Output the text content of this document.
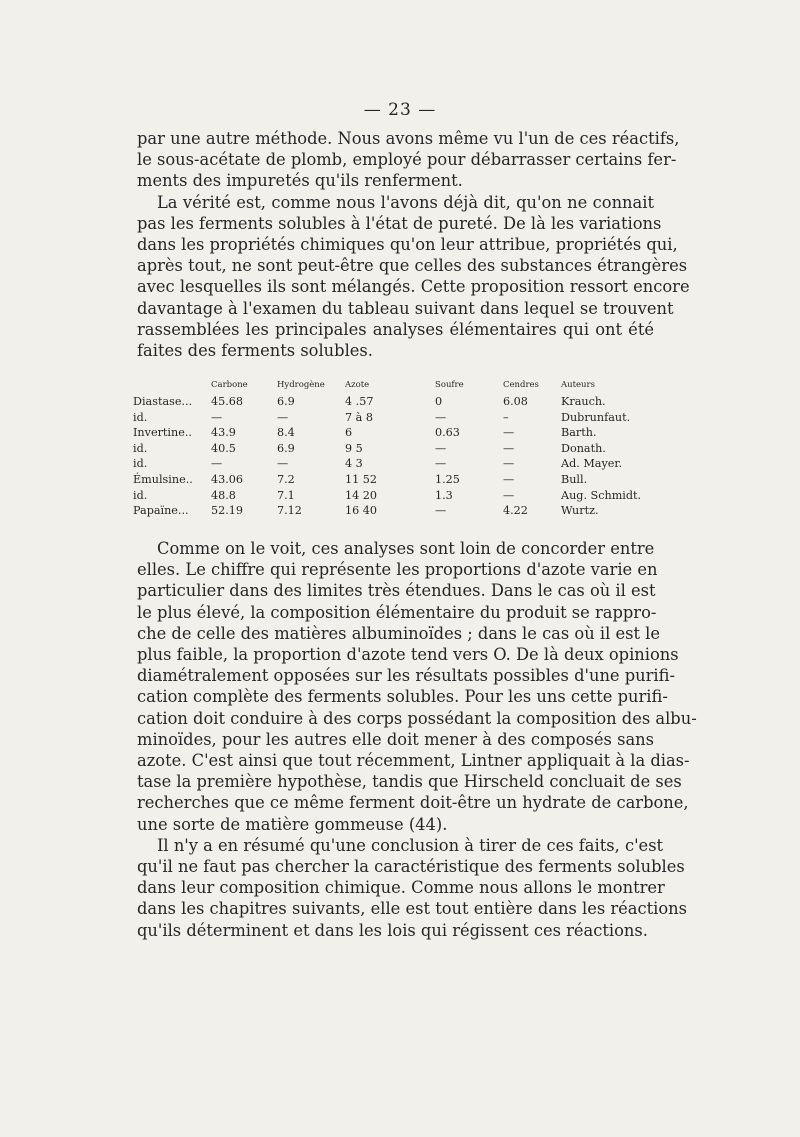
— 23 —
par une autre méthode. Nous avons même vu l'un de ces réactifs,
le sous-acétate de plomb, employé pour débarrasser certains fer-
ments des impuretés qu'ils renferment.
La vérité est, comme nous l'avons déjà dit, qu'on ne connait
pas les ferments solubles à l'état de pureté. De là les variations
dans les propriétés chimiques qu'on leur attribue, propriétés qui,
après tout, ne sont peut-être que celles des substances étrangères
avec lesquelles ils sont mélangés. Cette proposition ressort encore
davantage à l'examen du tableau suivant dans lequel se trouvent
rassemblées les principales analyses élémentaires qui ont été
faites des ferments solubles.
	Carbone	Hydrogène	Azote	Soufre	Cendres	Auteurs
Diastase...	45.68	6.9	4 .57	0	6.08	Krauch.
id.	—	—	7 à 8	—	–	Dubrunfaut.
Invertine..	43.9	8.4	6	0.63	—	Barth.
id.	40.5	6.9	9 5	—	—	Donath.
id.	—	—	4 3	—	—	Ad. Mayer.
Émulsine..	43.06	7.2	11 52	1.25	—	Bull.
id.	48.8	7.1	14 20	1.3	—	Aug. Schmidt.
Papaïne...	52.19	7.12	16 40	—	4.22	Wurtz.
Comme on le voit, ces analyses sont loin de concorder entre
elles. Le chiffre qui représente les proportions d'azote varie en
particulier dans des limites très étendues. Dans le cas où il est
le plus élevé, la composition élémentaire du produit se rappro-
che de celle des matières albuminoïdes ; dans le cas où il est le
plus faible, la proportion d'azote tend vers O. De là deux opinions
diamétralement opposées sur les résultats possibles d'une purifi-
cation complète des ferments solubles. Pour les uns cette purifi-
cation doit conduire à des corps possédant la composition des albu-
minoïdes, pour les autres elle doit mener à des composés sans
azote. C'est ainsi que tout récemment, Lintner appliquait à la dias-
tase la première hypothèse, tandis que Hirscheld concluait de ses
recherches que ce même ferment doit-être un hydrate de carbone,
une sorte de matière gommeuse (44).
Il n'y a en résumé qu'une conclusion à tirer de ces faits, c'est
qu'il ne faut pas chercher la caractéristique des ferments solubles
dans leur composition chimique. Comme nous allons le montrer
dans les chapitres suivants, elle est tout entière dans les réactions
qu'ils déterminent et dans les lois qui régissent ces réactions.
